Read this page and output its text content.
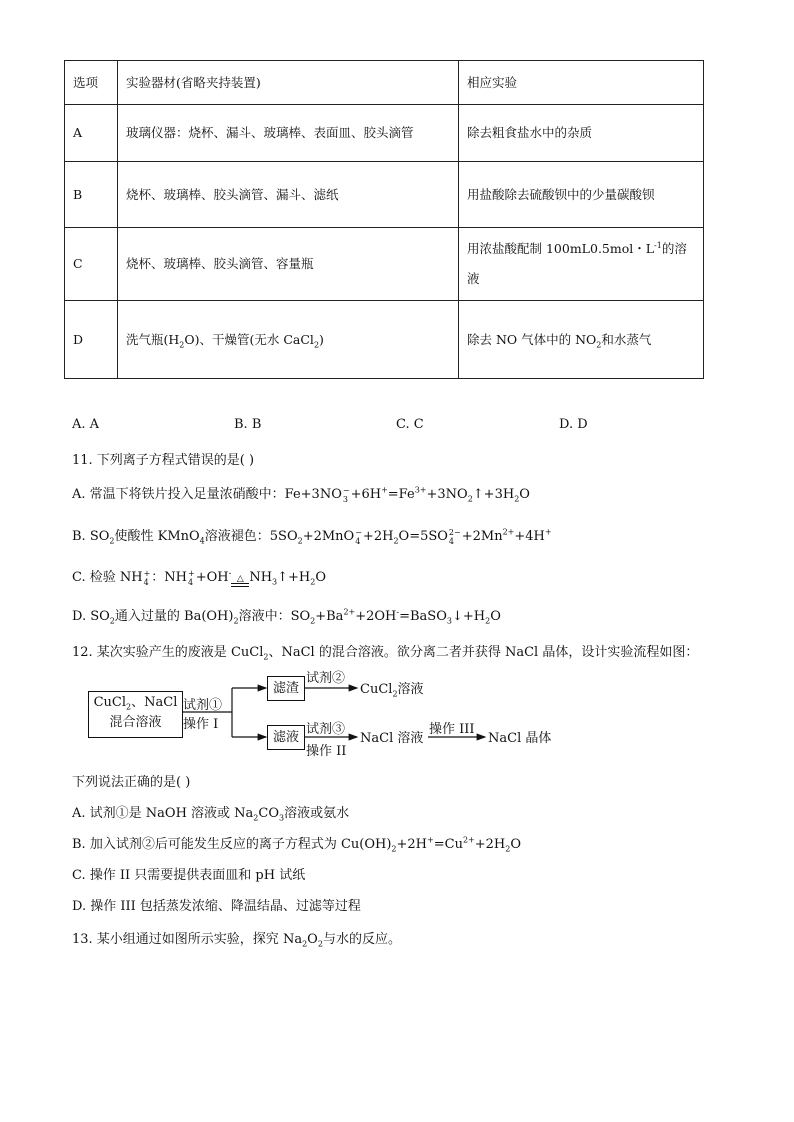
选项	实验器材(省略夹持装置)	相应实验
A	玻璃仪器：烧杯、漏斗、玻璃棒、表面皿、胶头滴管	除去粗食盐水中的杂质
B	烧杯、玻璃棒、胶头滴管、漏斗、滤纸	用盐酸除去硫酸钡中的少量碳酸钡
C	烧杯、玻璃棒、胶头滴管、容量瓶	用浓盐酸配制 100mL0.5mol・$L^{-1}$的溶
液
D	洗气瓶$(H_2O)$、干燥管(无水 CaCl$_2$)	除去 NO 气体中的 $NO_2$和水蒸气
A. A	B. B	C. C	D. D
11. 下列离子方程式错误的是( )
A. 常温下将铁片投入足量浓硝酸中：Fe+3NO −
$3 +6H^+=Fe^{3+}+3NO_2↑+3H_2O$
B. $SO_2$使酸性 KMnO$_4$溶液褪色：$5SO_2+2MnO$ −
$4 +2H_2O=5SO$ 2−
$4 +2Mn^{2+}+4H^+$
C. 检验 NH +
4 ：NH +
4 +OH-
△ $NH_3↑+H_2O$
D. $SO_2$通入过量的 $Ba(OH)_2$溶液中：$SO_2+Ba^{2+}+2OH^-=BaSO_3↓+H_2O$
12. 某次实验产生的废液是 CuCl$_2$、NaCl 的混合溶液。欲分离二者并获得 NaCl 晶体，设计实验流程如图：
CuCl$_2$、NaCl
混合溶液
试剂①
操作 I
滤渣
试剂②
CuCl$_2$溶液
滤液
试剂③
操作 II
NaCl 溶液
操作 III
NaCl 晶体
下列说法正确的是( )
A. 试剂①是 NaOH 溶液或 $Na_2CO_3$溶液或氨水
B. 加入试剂②后可能发生反应的离子方程式为 $Cu(OH)_2+2H^+=Cu^{2+}+2H_2O$
C. 操作 II 只需要提供表面皿和 pH 试纸
D. 操作 III 包括蒸发浓缩、降温结晶、过滤等过程
13. 某小组通过如图所示实验，探究 $Na_2O_2$与水的反应。
